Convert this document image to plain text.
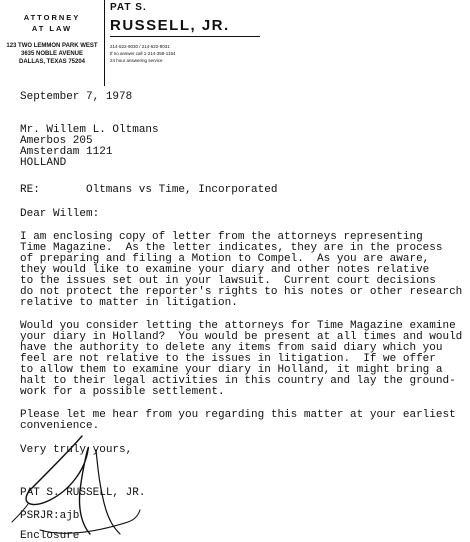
ATTORNEY
AT LAW
123 TWO LEMMON PARK WEST
3635 NOBLE AVENUE
DALLAS, TEXAS 75204
PAT S.
RUSSELL, JR.
214-522-9030 / 214-522-9031
If no answer call 1-214-358-1154
24 hour answering service
September 7, 1978
Mr. Willem L. Oltmans
Amerbos 205
Amsterdam 1121
HOLLAND
RE:	Oltmans vs Time, Incorporated
Dear Willem:
I am enclosing copy of letter from the attorneys representing
Time Magazine.  As the letter indicates, they are in the process
of preparing and filing a Motion to Compel.  As you are aware,
they would like to examine your diary and other notes relative
to the issues set out in your lawsuit.  Current court decisions
do not protect the reporter's rights to his notes or other research
relative to matter in litigation.
Would you consider letting the attorneys for Time Magazine examine
your diary in Holland?  You would be present at all times and would
have the authority to delete any items from said diary which you
feel are not relative to the issues in litigation.  If we offer
to allow them to examine your diary in Holland, it might bring a
halt to their legal activities in this country and lay the ground-
work for a possible settlement.
Please let me hear from you regarding this matter at your earliest
convenience.
Very truly yours,
PAT S. RUSSELL, JR.
PSRJR:ajb
Enclosure
